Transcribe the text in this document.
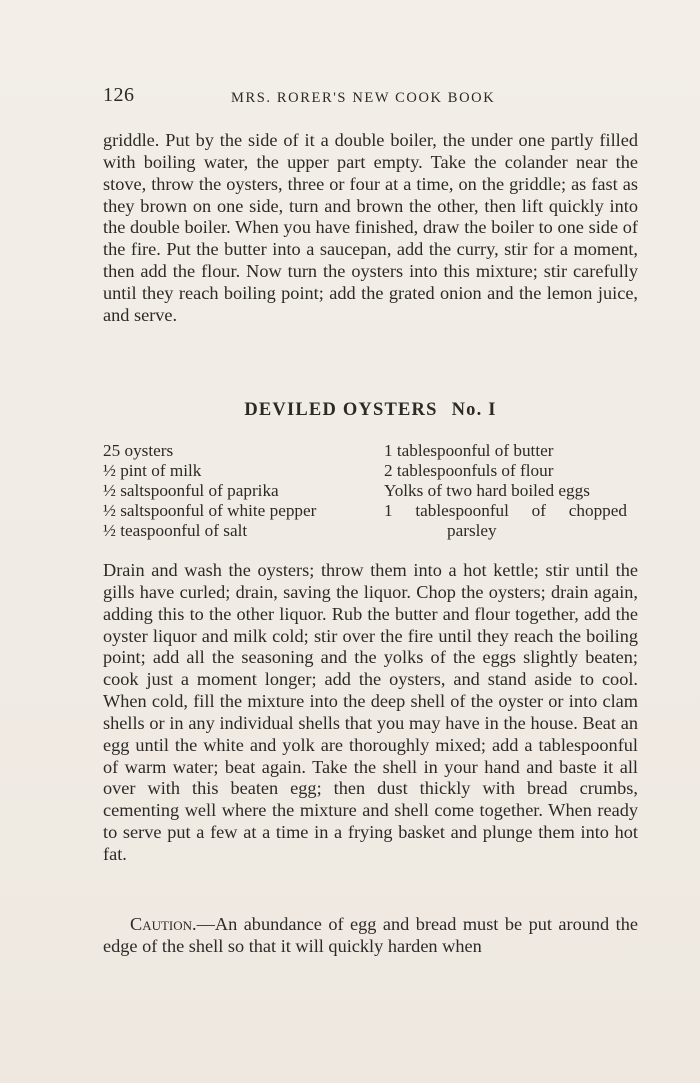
126	MRS. RORER'S NEW COOK BOOK

griddle. Put by the side of it a double boiler, the under one partly filled with boiling water, the upper part empty. Take the colander near the stove, throw the oysters, three or four at a time, on the griddle; as fast as they brown on one side, turn and brown the other, then lift quickly into the double boiler. When you have finished, draw the boiler to one side of the fire. Put the butter into a saucepan, add the curry, stir for a moment, then add the flour. Now turn the oysters into this mixture; stir carefully until they reach boiling point; add the grated onion and the lemon juice, and serve.

DEVILED OYSTERS No. I
25 oysters
½ pint of milk
½ saltspoonful of paprika
½ saltspoonful of white pepper
½ teaspoonful of salt
1 tablespoonful of butter
2 tablespoonfuls of flour
Yolks of two hard boiled eggs
1 tablespoonful of chopped
parsley

Drain and wash the oysters; throw them into a hot kettle; stir until the gills have curled; drain, saving the liquor. Chop the oysters; drain again, adding this to the other liquor. Rub the butter and flour together, add the oyster liquor and milk cold; stir over the fire until they reach the boiling point; add all the seasoning and the yolks of the eggs slightly beaten; cook just a moment longer; add the oysters, and stand aside to cool. When cold, fill the mixture into the deep shell of the oyster or into clam shells or in any individual shells that you may have in the house. Beat an egg until the white and yolk are thoroughly mixed; add a tablespoonful of warm water; beat again. Take the shell in your hand and baste it all over with this beaten egg; then dust thickly with bread crumbs, cementing well where the mixture and shell come together. When ready to serve put a few at a time in a frying basket and plunge them into hot fat.

Caution.—An abundance of egg and bread must be put around the edge of the shell so that it will quickly harden when
